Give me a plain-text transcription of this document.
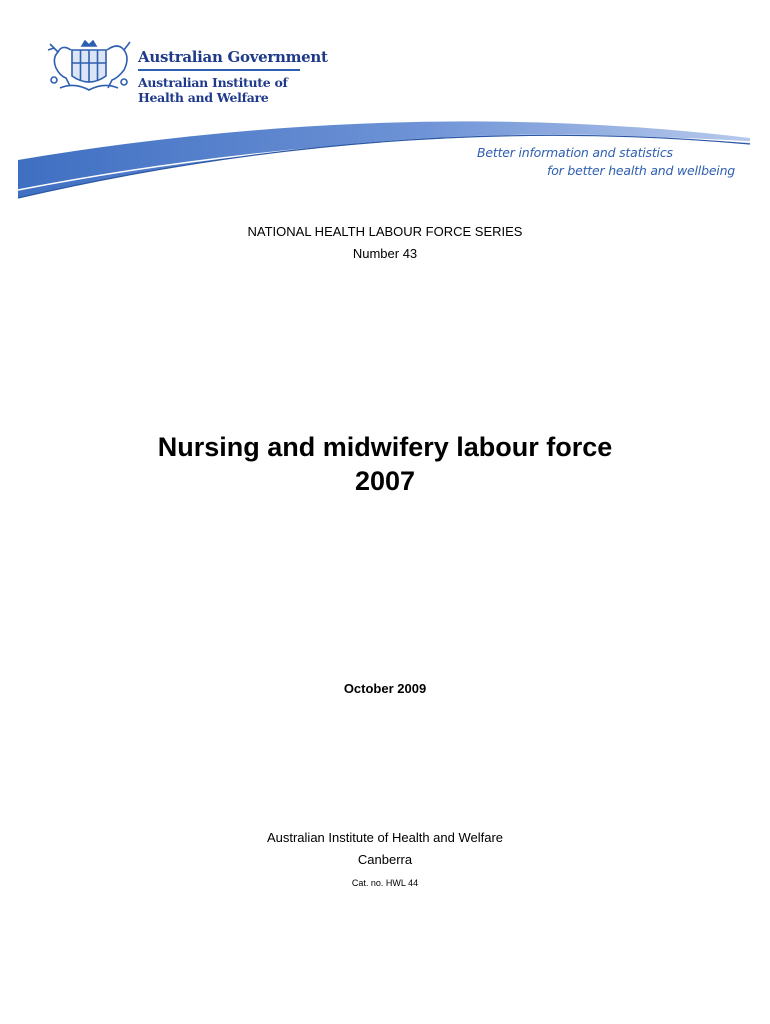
Australian Government
Australian Institute of
Health and Welfare
Better information and statistics
for better health and wellbeing
NATIONAL HEALTH LABOUR FORCE SERIES
Number 43
Nursing and midwifery labour force
2007
October 2009
Australian Institute of Health and Welfare
Canberra
Cat. no. HWL 44
